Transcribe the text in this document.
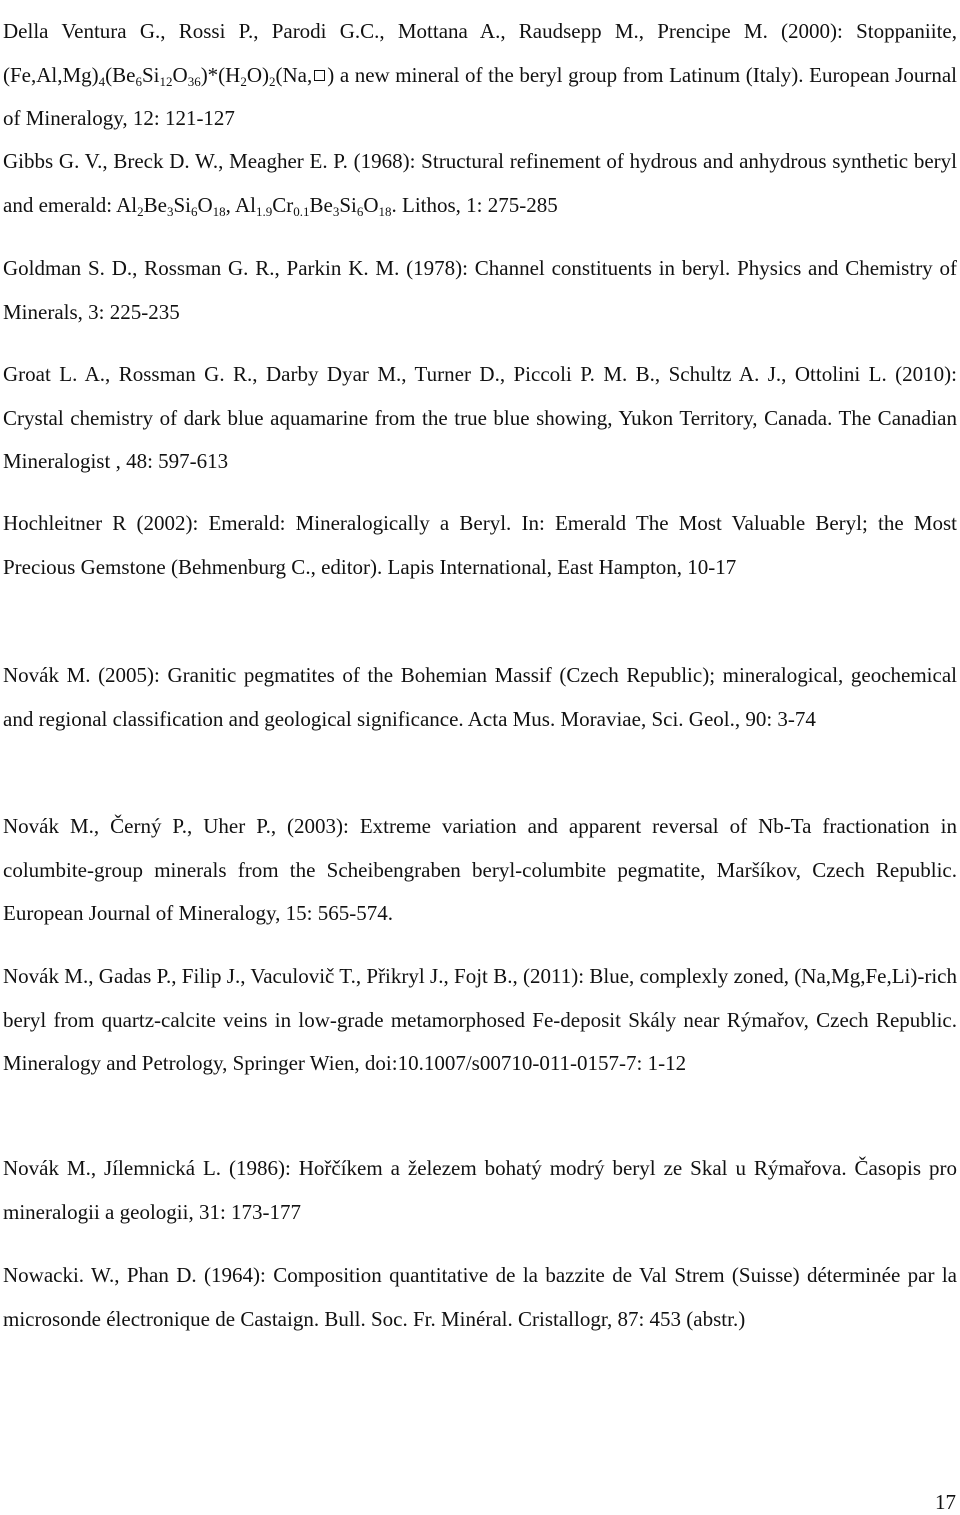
Della Ventura G., Rossi P., Parodi G.C., Mottana A., Raudsepp M., Prencipe M. (2000): Stoppaniite, $(Fe,Al,Mg)_4(Be_6Si_{12}O_{36})*(H_2O)_2(Na$, ) a new mineral of the beryl group from Latinum (Italy). European Journal of Mineralogy, 12: 121-127

Gibbs G. V., Breck D. W., Meagher E. P. (1968): Structural refinement of hydrous and anhydrous synthetic beryl and emerald: $Al_2Be_3Si_6O_{18}$, $Al_{1.9}Cr_{0.1}Be_3Si_6O_{18}$. Lithos, 1: 275-285

Goldman S. D., Rossman G. R., Parkin K. M. (1978): Channel constituents in beryl. Physics and Chemistry of Minerals, 3: 225-235

Groat L. A., Rossman G. R., Darby Dyar M., Turner D., Piccoli P. M. B., Schultz A. J., Ottolini L. (2010): Crystal chemistry of dark blue aquamarine from the true blue showing, Yukon Territory, Canada. The Canadian Mineralogist , 48: 597-613

Hochleitner R (2002): Emerald: Mineralogically a Beryl. In: Emerald The Most Valuable Beryl; the Most Precious Gemstone (Behmenburg C., editor). Lapis International, East Hampton, 10-17

Novák M. (2005): Granitic pegmatites of the Bohemian Massif (Czech Republic); mineralogical, geochemical and regional classification and geological significance. Acta Mus. Moraviae, Sci. Geol., 90: 3-74

Novák M., Černý P., Uher P., (2003): Extreme variation and apparent reversal of Nb-Ta fractionation in columbite-group minerals from the Scheibengraben beryl-columbite pegmatite, Maršíkov, Czech Republic. European Journal of Mineralogy, 15: 565-574.

Novák M., Gadas P., Filip J., Vaculovič T., Přikryl J., Fojt B., (2011): Blue, complexly zoned, (Na,Mg,Fe,Li)-rich beryl from quartz-calcite veins in low-grade metamorphosed Fe-deposit Skály near Rýmařov, Czech Republic. Mineralogy and Petrology, Springer Wien, doi:10.1007/s00710-011-0157-7: 1-12

Novák M., Jílemnická L. (1986): Hořčíkem a železem bohatý modrý beryl ze Skal u Rýmařova. Časopis pro mineralogii a geologii, 31: 173-177

Nowacki. W., Phan D. (1964): Composition quantitative de la bazzite de Val Strem (Suisse) déterminée par la microsonde électronique de Castaign. Bull. Soc. Fr. Minéral. Cristallogr, 87: 453 (abstr.)

17
